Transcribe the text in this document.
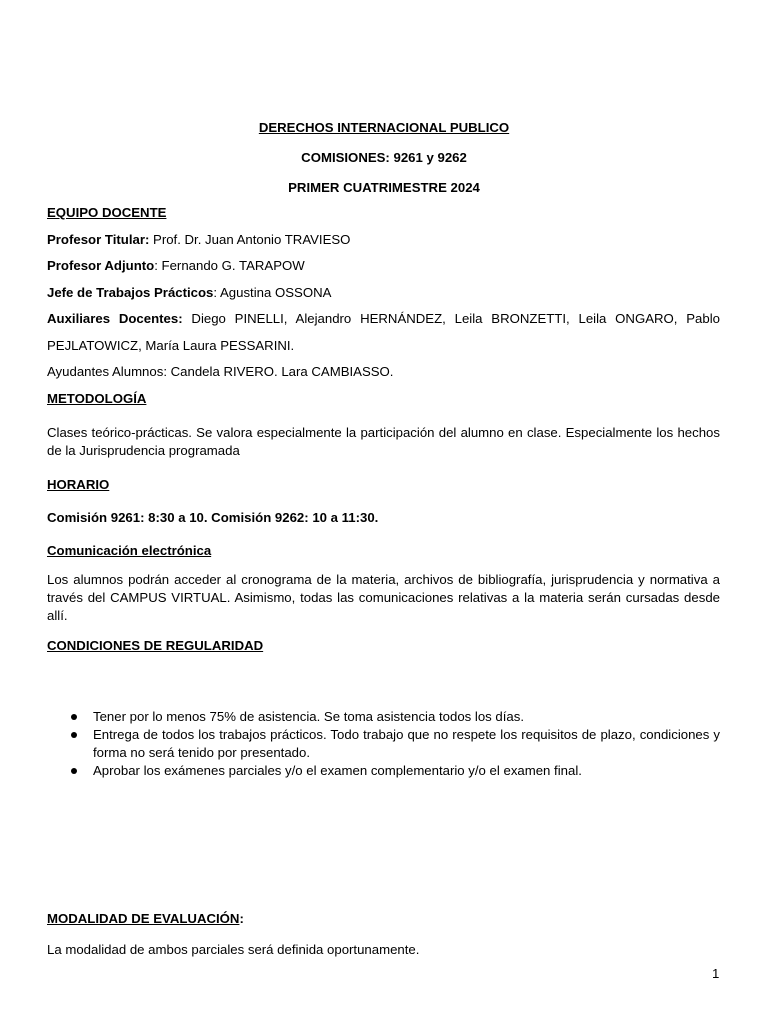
DERECHOS INTERNACIONAL PUBLICO
COMISIONES: 9261 y 9262
PRIMER CUATRIMESTRE 2024
EQUIPO DOCENTE
Profesor Titular: Prof. Dr. Juan Antonio TRAVIESO
Profesor Adjunto: Fernando G. TARAPOW
Jefe de Trabajos Prácticos: Agustina OSSONA
Auxiliares Docentes: Diego PINELLI, Alejandro HERNÁNDEZ, Leila BRONZETTI, Leila ONGARO, Pablo
PEJLATOWICZ, María Laura PESSARINI.
Ayudantes Alumnos: Candela RIVERO. Lara CAMBIASSO.
METODOLOGÍA
Clases teórico-prácticas. Se valora especialmente la participación del alumno en clase. Especialmente los hechos de la Jurisprudencia programada
HORARIO
Comisión 9261: 8:30 a 10. Comisión 9262: 10 a 11:30.
Comunicación electrónica
Los alumnos podrán acceder al cronograma de la materia, archivos de bibliografía, jurisprudencia y normativa a través del CAMPUS VIRTUAL. Asimismo, todas las comunicaciones relativas a la materia serán cursadas desde allí.
CONDICIONES DE REGULARIDAD
Tener por lo menos 75% de asistencia. Se toma asistencia todos los días.
Entrega de todos los trabajos prácticos. Todo trabajo que no respete los requisitos de plazo, condiciones y forma no será tenido por presentado.
Aprobar los exámenes parciales y/o el examen complementario y/o el examen final.
MODALIDAD DE EVALUACIÓN:
La modalidad de ambos parciales será definida oportunamente.
1
